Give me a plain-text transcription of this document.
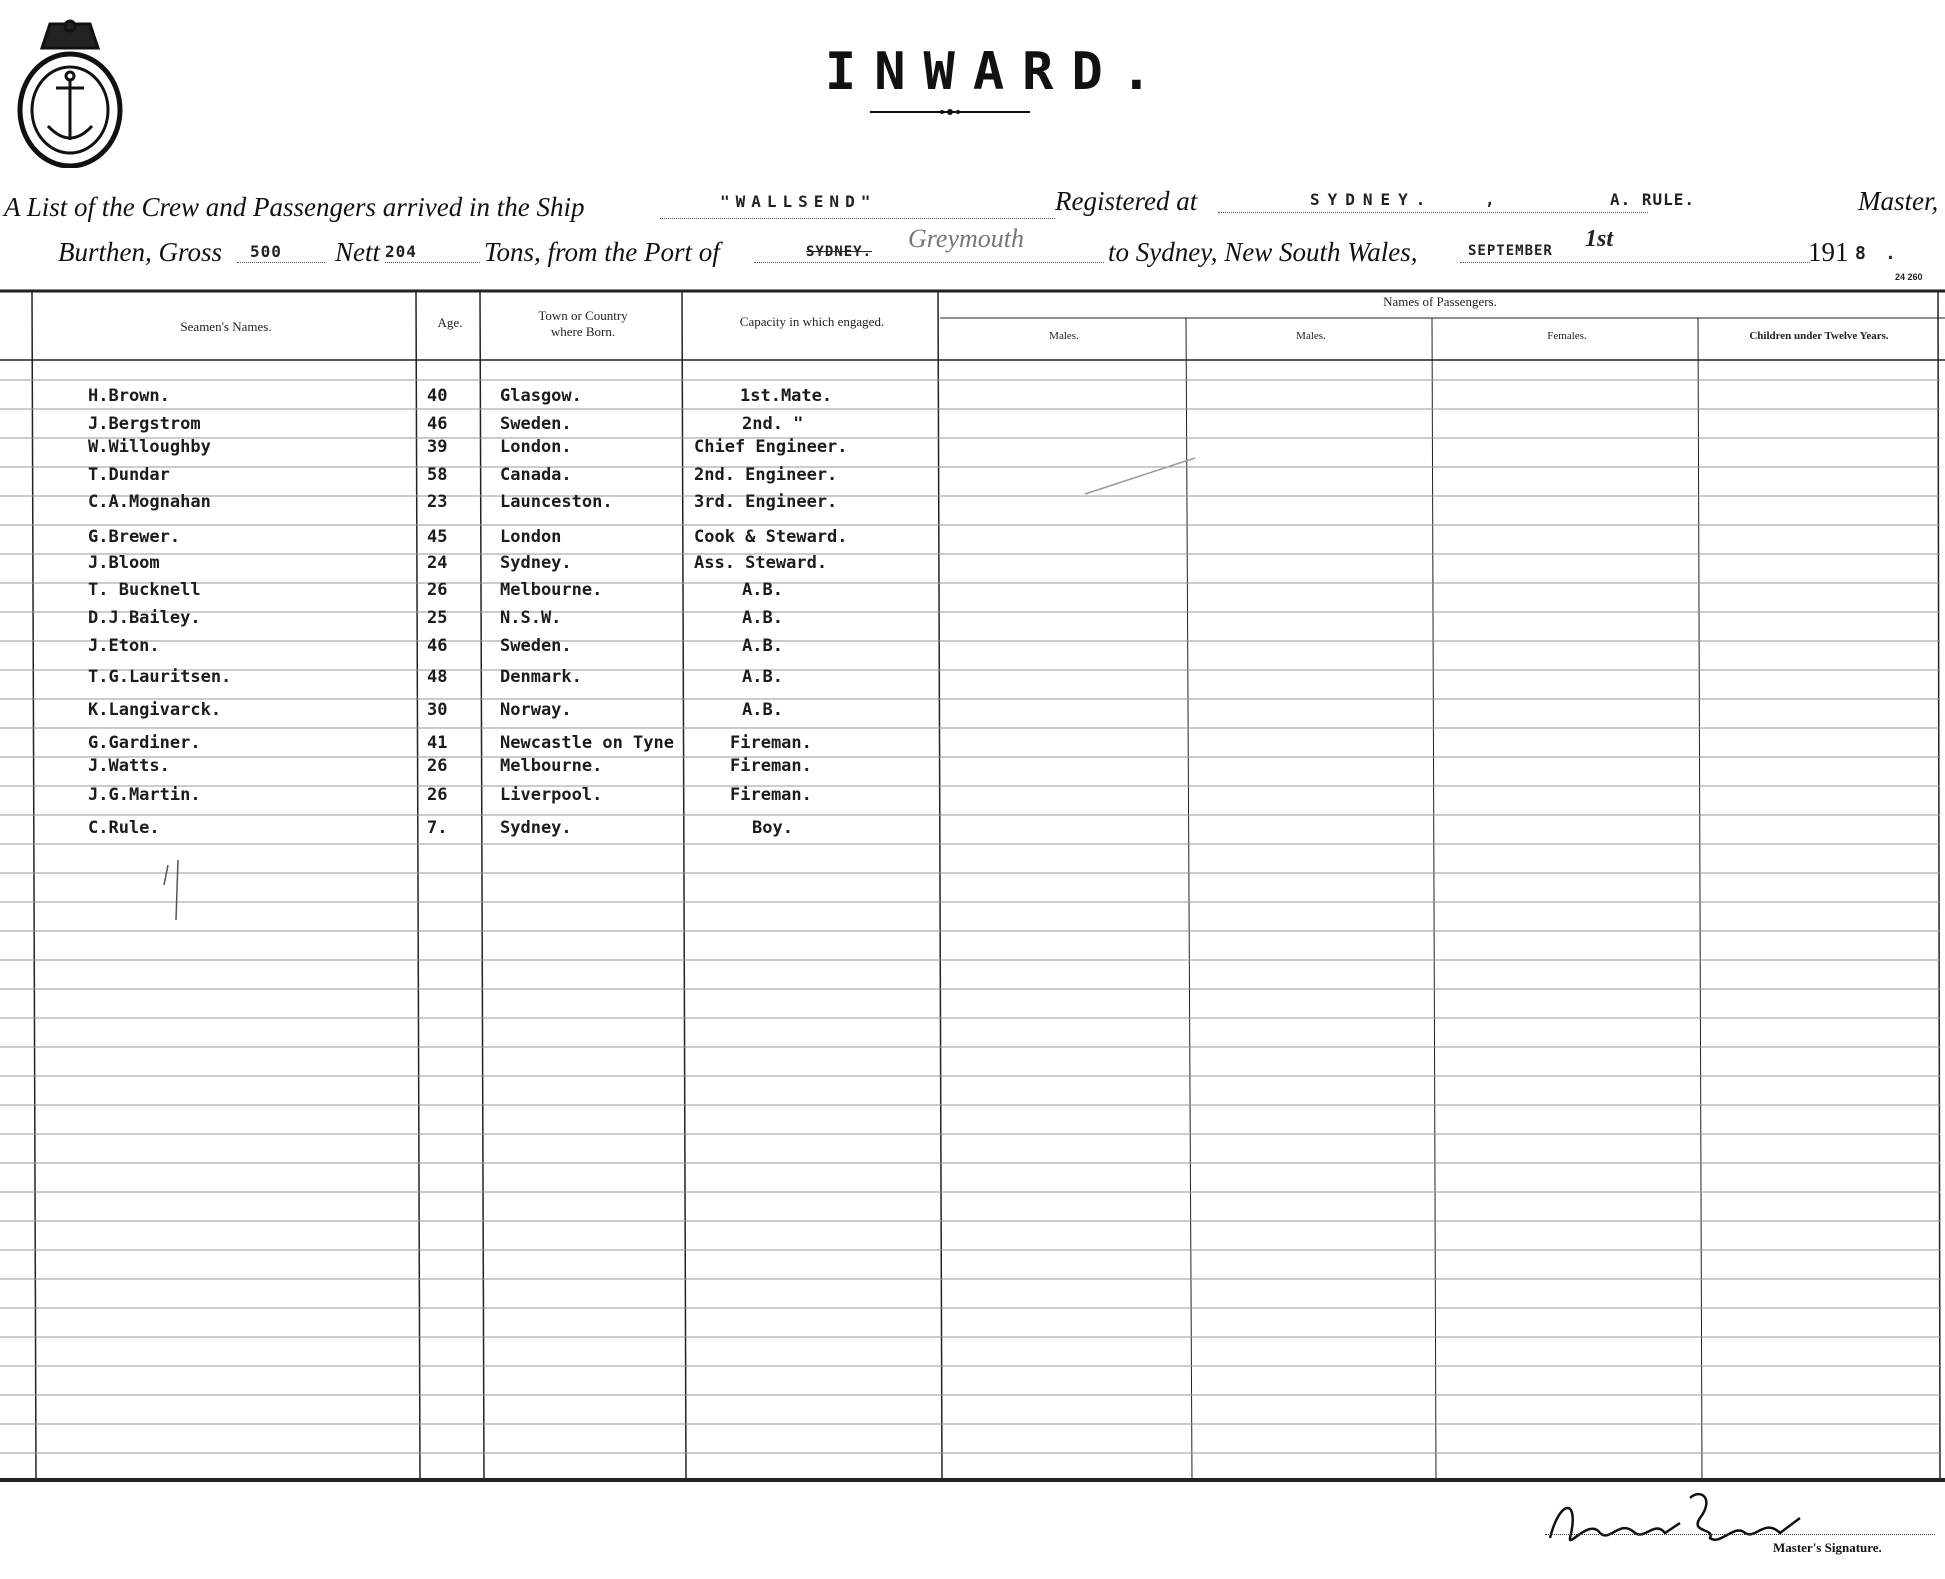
INWARD.
A List of the Crew and Passengers arrived in the Ship	"WALLSEND"	Registered at	SYDNEY.	,	A. RULE.	Master,
Burthen, Gross 500 Nett 204 Tons, from the Port of	SYDNEY. Greymouth	to Sydney, New South Wales,	SEPTEMBER 1st	191 8 .
24 260
Seamen's Names.	Age.	Town or Country
where Born.
Capacity in which engaged.
Names of Passengers.
Males.	Males.	Females.	Children under Twelve Years.
H.Brown.	40	Glasgow.	1st.Mate.
J.Bergstrom	46	Sweden.	2nd. "
W.Willoughby	39	London.	Chief Engineer.
T.Dundar	58	Canada.	2nd. Engineer.
C.A.Mognahan	23	Launceston.	3rd. Engineer.
G.Brewer.	45	London	Cook & Steward.
J.Bloom	24	Sydney.	Ass. Steward.
T. Bucknell	26	Melbourne.	A.B.
D.J.Bailey.	25	N.S.W.	A.B.
J.Eton.	46	Sweden.	A.B.
T.G.Lauritsen.	48	Denmark.	A.B.
K.Langivarck.	30	Norway.	A.B.
G.Gardiner.	41	Newcastle on Tyne	Fireman.
J.Watts.	26	Melbourne.	Fireman.
J.G.Martin.	26	Liverpool.	Fireman.
C.Rule.	7.	Sydney.	Boy.
Master's Signature.
